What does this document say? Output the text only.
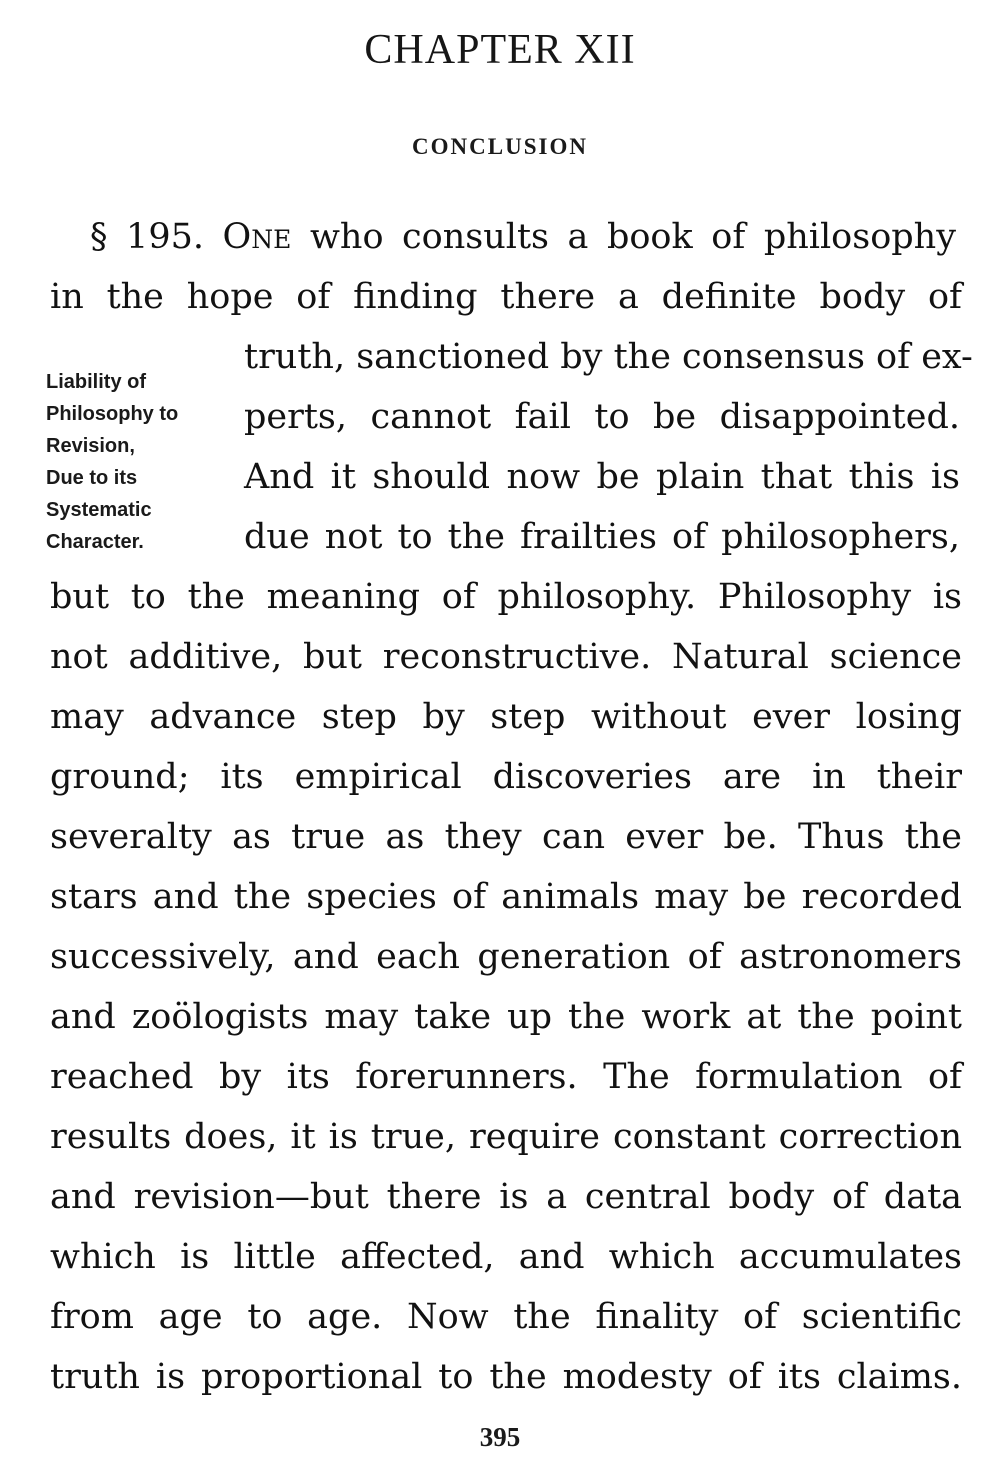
CHAPTER XII
CONCLUSION
§ 195. One who consults a book of philosophy
in the hope of finding there a definite body of
truth, sanctioned by the consensus of ex-
perts, cannot fail to be disappointed.
And it should now be plain that this is
due not to the frailties of philosophers,
but to the meaning of philosophy. Philosophy is
not additive, but reconstructive. Natural science
may advance step by step without ever losing
ground; its empirical discoveries are in their
severalty as true as they can ever be. Thus the
stars and the species of animals may be recorded
successively, and each generation of astronomers
and zoölogists may take up the work at the point
reached by its forerunners. The formulation of
results does, it is true, require constant correction
and revision—but there is a central body of data
which is little affected, and which accumulates
from age to age. Now the finality of scientific
truth is proportional to the modesty of its claims.
Liability of
Philosophy to
Revision,
Due to its
Systematic
Character.
395
